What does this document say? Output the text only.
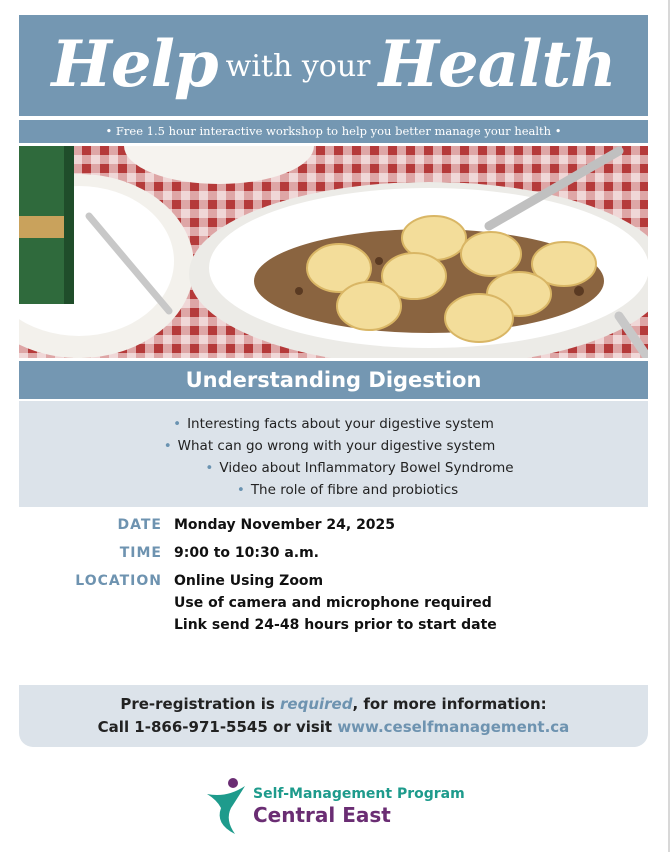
Help with your Health
• Free 1.5 hour interactive workshop to help you better manage your health •
Understanding Digestion
• Interesting facts about your digestive system
• What can go wrong with your digestive system
• Video about Inflammatory Bowel Syndrome
• The role of fibre and probiotics
DATE Monday November 24, 2025
TIME 9:00 to 10:30 a.m.
LOCATION Online Using Zoom
Use of camera and microphone required
Link send 24-48 hours prior to start date
Pre-registration is required, for more information:
Call 1-866-971-5545 or visit www.ceselfmanagement.ca
Self-Management Program
Central East
